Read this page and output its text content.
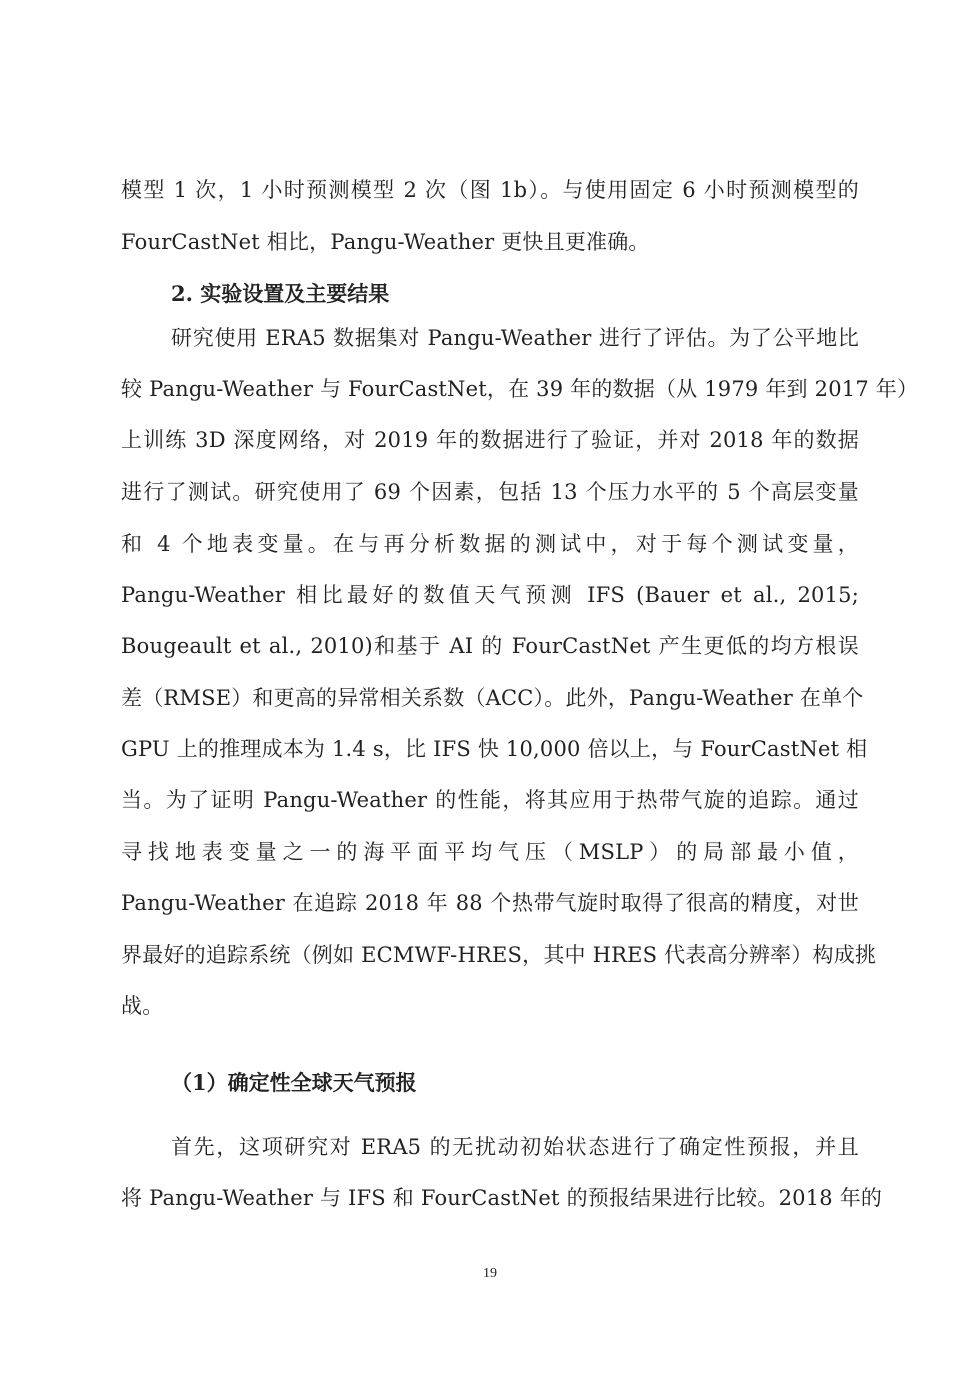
模型 1 次，1 小时预测模型 2 次（图 1b）。与使用固定 6 小时预测模型的
FourCastNet 相比，Pangu-Weather 更快且更准确。
2. 实验设置及主要结果
研究使用 ERA5 数据集对 Pangu-Weather 进行了评估。为了公平地比
较 Pangu-Weather 与 FourCastNet，在 39 年的数据（从 1979 年到 2017 年）
上训练 3D 深度网络，对 2019 年的数据进行了验证，并对 2018 年的数据
进行了测试。研究使用了 69 个因素，包括 13 个压力水平的 5 个高层变量
和 4 个地表变量。在与再分析数据的测试中，对于每个测试变量，
Pangu-Weather 相比最好的数值天气预测 IFS (Bauer et al., 2015;
Bougeault et al., 2010)和基于 AI 的 FourCastNet 产生更低的均方根误
差（RMSE）和更高的异常相关系数（ACC）。此外，Pangu-Weather 在单个
GPU 上的推理成本为 1.4 s，比 IFS 快 10,000 倍以上，与 FourCastNet 相
当。为了证明 Pangu-Weather 的性能，将其应用于热带气旋的追踪。通过
寻找地表变量之一的海平面平均气压（MSLP）的局部最小值，
Pangu-Weather 在追踪 2018 年 88 个热带气旋时取得了很高的精度，对世
界最好的追踪系统（例如 ECMWF-HRES，其中 HRES 代表高分辨率）构成挑
战。
（1）确定性全球天气预报
首先，这项研究对 ERA5 的无扰动初始状态进行了确定性预报，并且
将 Pangu-Weather 与 IFS 和 FourCastNet 的预报结果进行比较。2018 年的
19
